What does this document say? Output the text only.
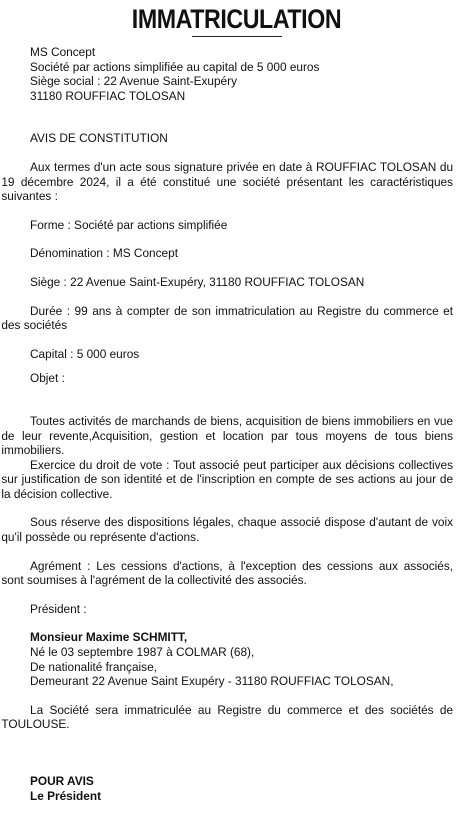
IMMATRICULATION

MS Concept

Société par actions simplifiée au capital de 5 000 euros

Siège social : 22 Avenue Saint-Exupéry

31180 ROUFFIAC TOLOSAN

AVIS DE CONSTITUTION

Aux termes d'un acte sous signature privée en date à ROUFFIAC TOLOSAN du 19 décembre 2024, il a été constitué une société présentant les caractéristiques suivantes :

Forme : Société par actions simplifiée

Dénomination : MS Concept

Siège : 22 Avenue Saint-Exupéry, 31180 ROUFFIAC TOLOSAN

Durée : 99 ans à compter de son immatriculation au Registre du commerce et des sociétés

Capital : 5 000 euros

Objet :

Toutes activités de marchands de biens, acquisition de biens immobiliers en vue de leur revente,Acquisition, gestion et location par tous moyens de tous biens immobiliers.

Exercice du droit de vote : Tout associé peut participer aux décisions collectives sur justification de son identité et de l'inscription en compte de ses actions au jour de la décision collective.

Sous réserve des dispositions légales, chaque associé dispose d'autant de voix qu'il possède ou représente d'actions.

Agrément : Les cessions d'actions, à l'exception des cessions aux associés, sont soumises à l'agrément de la collectivité des associés.

Président :

Monsieur Maxime SCHMITT,

Né le 03 septembre 1987 à COLMAR (68),

De nationalité française,

Demeurant 22 Avenue Saint Exupéry - 31180 ROUFFIAC TOLOSAN,

La Société sera immatriculée au Registre du commerce et des sociétés de TOULOUSE.

POUR AVIS

Le Président
